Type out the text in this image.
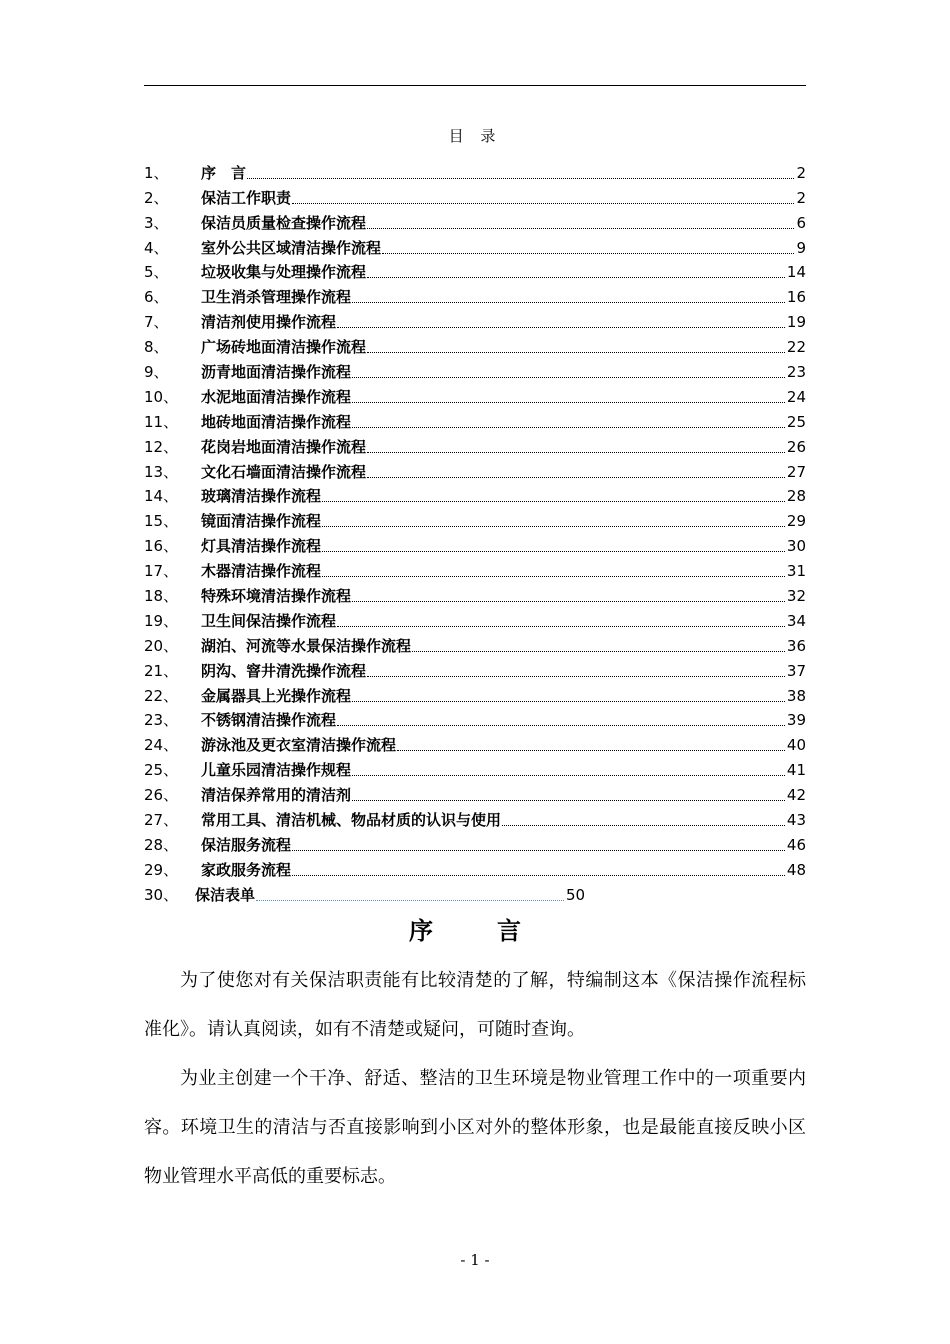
目 录
1、	序　言	2
2、	保洁工作职责	2
3、	保洁员质量检查操作流程	6
4、	室外公共区域清洁操作流程	9
5、	垃圾收集与处理操作流程	14
6、	卫生消杀管理操作流程	16
7、	清洁剂使用操作流程	19
8、	广场砖地面清洁操作流程	22
9、	沥青地面清洁操作流程	23
10、	水泥地面清洁操作流程	24
11、	地砖地面清洁操作流程	25
12、	花岗岩地面清洁操作流程	26
13、	文化石墙面清洁操作流程	27
14、	玻璃清洁操作流程	28
15、	镜面清洁操作流程	29
16、	灯具清洁操作流程	30
17、	木器清洁操作流程	31
18、	特殊环境清洁操作流程	32
19、	卫生间保洁操作流程	34
20、	湖泊、河流等水景保洁操作流程	36
21、	阴沟、窨井清洗操作流程	37
22、	金属器具上光操作流程	38
23、	不锈钢清洁操作流程	39
24、	游泳池及更衣室清洁操作流程	40
25、	儿童乐园清洁操作规程	41
26、	清洁保养常用的清洁剂	42
27、	常用工具、清洁机械、物品材质的认识与使用	43
28、	保洁服务流程	46
29、	家政服务流程	48
30、	保洁表单	50
序　言

为了使您对有关保洁职责能有比较清楚的了解，特编制这本《保洁操作流程标准化》。请认真阅读，如有不清楚或疑问，可随时查询。

为业主创建一个干净、舒适、整洁的卫生环境是物业管理工作中的一项重要内容。环境卫生的清洁与否直接影响到小区对外的整体形象，也是最能直接反映小区物业管理水平高低的重要标志。

- 1 -
